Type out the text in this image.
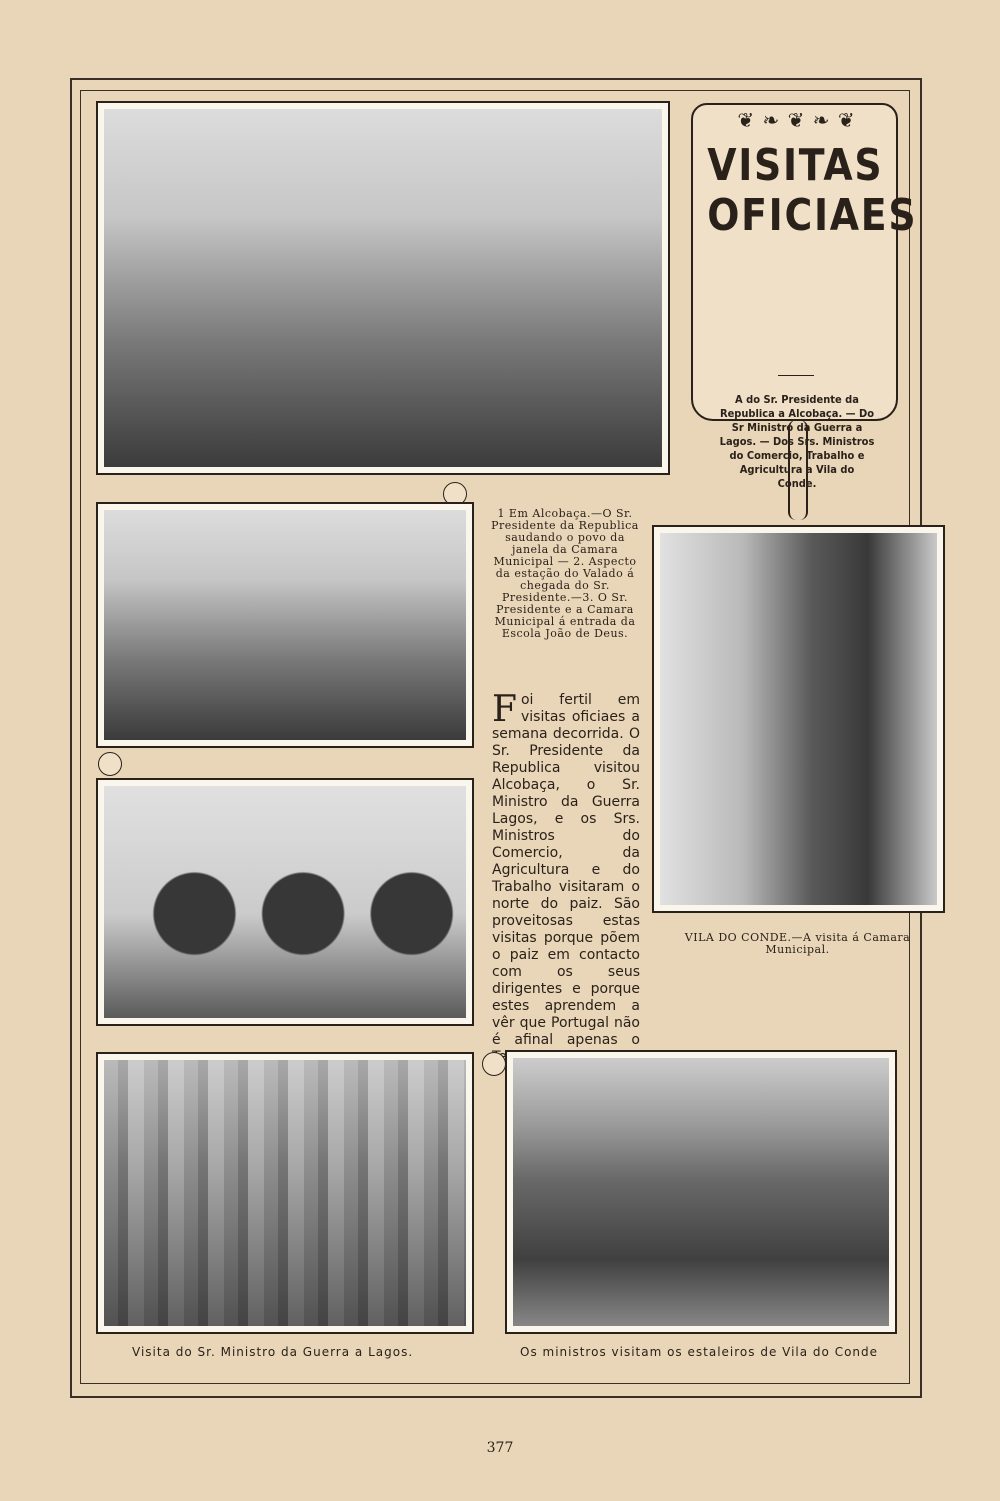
❦ ❧ ❦ ❧ ❦
VISITAS
OFICIAES
A do Sr. Presidente da Republica a Alcobaça. — Do Sr Ministro da Guerra a Lagos. — Dos Srs. Ministros do Comercio, Trabalho e Agricultura a Vila do Conde.
1 Em Alcobaça.—O Sr. Presidente da Republica saudando o povo da janela da Camara Municipal — 2. Aspecto da estação do Valado á chegada do Sr. Presidente.—3. O Sr. Presidente e a Camara Municipal á entrada da Escola João de Deus.
VILA DO CONDE.—A visita á Camara Municipal.
Foi fertil em visitas oficiaes a semana decorrida. O Sr. Presidente da Republica visitou Alcobaça, o Sr. Ministro da Guerra Lagos, e os Srs. Ministros do Comercio, da Agricultura e do Trabalho visitaram o norte do paiz. São proveitosas estas visitas porque põem o paiz em contacto com os seus dirigentes e porque estes aprendem a vêr que Portugal não é afinal apenas o
Visita do Sr. Ministro da Guerra a Lagos.	Os ministros visitam os estaleiros de Vila do Conde
377
